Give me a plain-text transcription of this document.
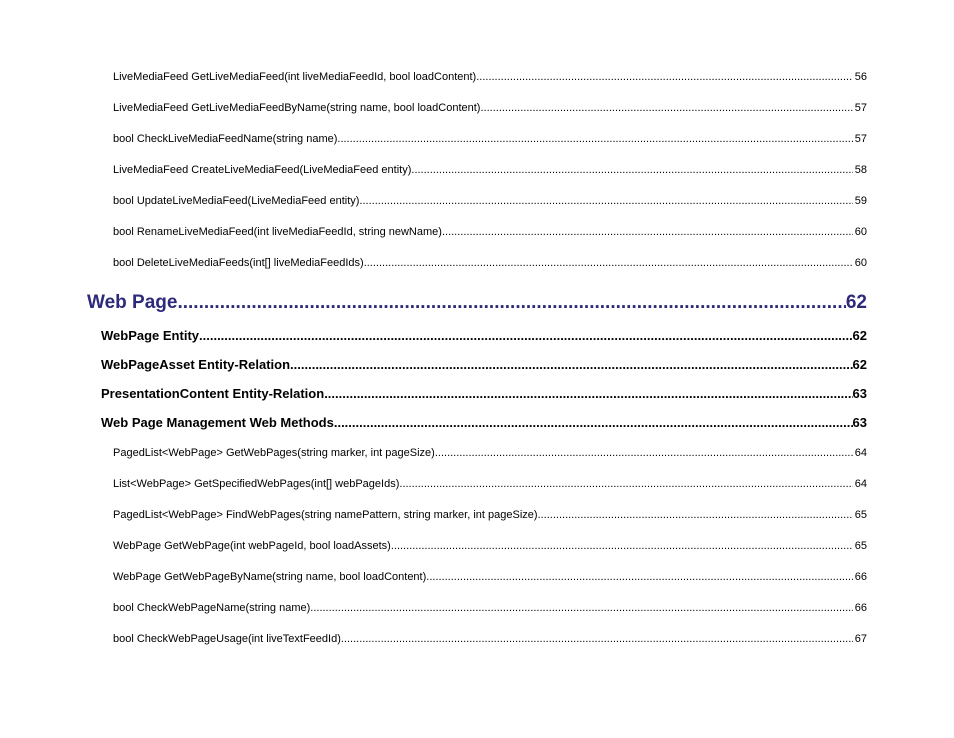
LiveMediaFeed GetLiveMediaFeed(int liveMediaFeedId, bool loadContent) .....	56
LiveMediaFeed GetLiveMediaFeedByName(string name, bool loadContent) .....	57
bool CheckLiveMediaFeedName(string name) .....	57
LiveMediaFeed CreateLiveMediaFeed(LiveMediaFeed entity) .....	58
bool UpdateLiveMediaFeed(LiveMediaFeed entity) .....	59
bool RenameLiveMediaFeed(int liveMediaFeedId, string newName) .....	60
bool DeleteLiveMediaFeeds(int[] liveMediaFeedIds) .....	60
Web Page .....	62
WebPage Entity .....	62
WebPageAsset Entity-Relation .....	62
PresentationContent Entity-Relation .....	63
Web Page Management Web Methods .....	63
PagedList<WebPage> GetWebPages(string marker, int pageSize) .....	64
List<WebPage> GetSpecifiedWebPages(int[] webPageIds) .....	64
PagedList<WebPage> FindWebPages(string namePattern, string marker, int pageSize) .....	65
WebPage GetWebPage(int webPageId, bool loadAssets) .....	65
WebPage GetWebPageByName(string name, bool loadContent) .....	66
bool CheckWebPageName(string name) .....	66
bool CheckWebPageUsage(int liveTextFeedId) .....	67
